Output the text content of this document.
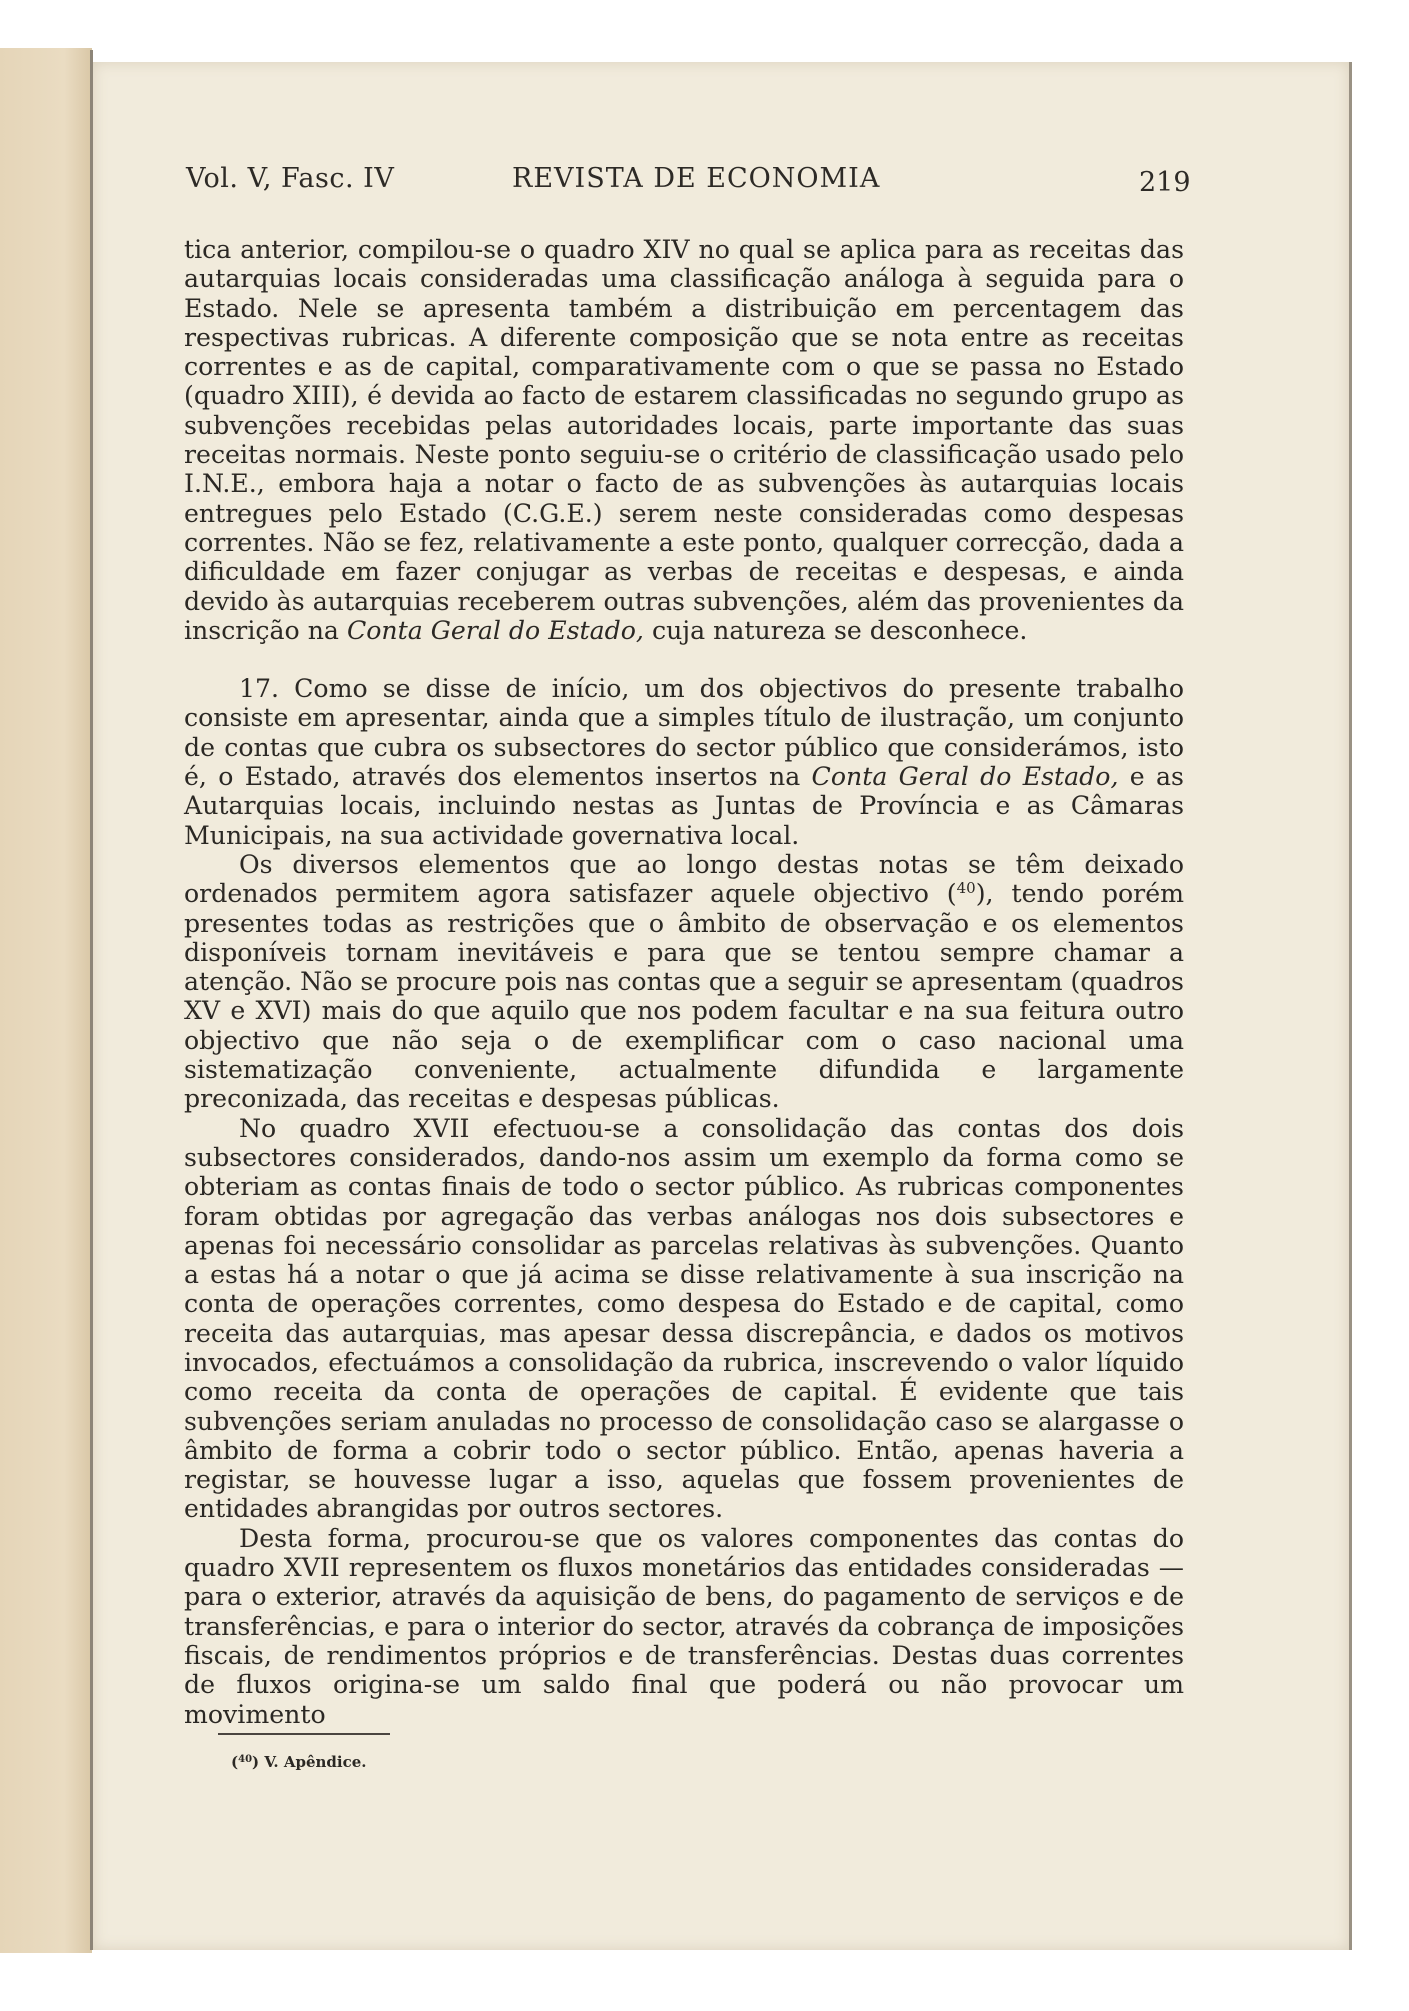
Vol. V, Fasc. IV	REVISTA DE ECONOMIA	219

tica anterior, compilou-se o quadro XIV no qual se aplica para as receitas das autarquias locais consideradas uma classificação análoga à seguida para o Estado. Nele se apresenta também a distribuição em percentagem das respectivas rubricas. A diferente composição que se nota entre as receitas correntes e as de capital, comparativamente com o que se passa no Estado (quadro XIII), é devida ao facto de estarem classificadas no segundo grupo as subvenções recebidas pelas autoridades locais, parte importante das suas receitas normais. Neste ponto seguiu-se o critério de classificação usado pelo I.N.E., embora haja a notar o facto de as subvenções às autarquias locais entregues pelo Estado (C.G.E.) serem neste consideradas como despesas correntes. Não se fez, relativamente a este ponto, qualquer correcção, dada a dificuldade em fazer conjugar as verbas de receitas e despesas, e ainda devido às autarquias receberem outras subvenções, além das provenientes da inscrição na Conta Geral do Estado, cuja natureza se desconhece.

17. Como se disse de início, um dos objectivos do presente trabalho consiste em apresentar, ainda que a simples título de ilustração, um conjunto de contas que cubra os subsectores do sector público que considerámos, isto é, o Estado, através dos elementos insertos na Conta Geral do Estado, e as Autarquias locais, incluindo nestas as Juntas de Província e as Câmaras Municipais, na sua actividade governativa local.

Os diversos elementos que ao longo destas notas se têm deixado ordenados permitem agora satisfazer aquele objectivo ($^{40}$), tendo porém presentes todas as restrições que o âmbito de observação e os elementos disponíveis tornam inevitáveis e para que se tentou sempre chamar a atenção. Não se procure pois nas contas que a seguir se apresentam (quadros XV e XVI) mais do que aquilo que nos podem facultar e na sua feitura outro objectivo que não seja o de exemplificar com o caso nacional uma sistematização conveniente, actualmente difundida e largamente preconizada, das receitas e despesas públicas.

No quadro XVII efectuou-se a consolidação das contas dos dois subsectores considerados, dando-nos assim um exemplo da forma como se obteriam as contas finais de todo o sector público. As rubricas componentes foram obtidas por agregação das verbas análogas nos dois subsectores e apenas foi necessário consolidar as parcelas relativas às subvenções. Quanto a estas há a notar o que já acima se disse relativamente à sua inscrição na conta de operações correntes, como despesa do Estado e de capital, como receita das autarquias, mas apesar dessa discrepância, e dados os motivos invocados, efectuámos a consolidação da rubrica, inscrevendo o valor líquido como receita da conta de operações de capital. É evidente que tais subvenções seriam anuladas no processo de consolidação caso se alargasse o âmbito de forma a cobrir todo o sector público. Então, apenas haveria a registar, se houvesse lugar a isso, aquelas que fossem provenientes de entidades abrangidas por outros sectores.

Desta forma, procurou-se que os valores componentes das contas do quadro XVII representem os fluxos monetários das entidades consideradas — para o exterior, através da aquisição de bens, do pagamento de serviços e de transferências, e para o interior do sector, através da cobrança de imposições fiscais, de rendimentos próprios e de transferências. Destas duas correntes de fluxos origina-se um saldo final que poderá ou não provocar um movimento

($^{40}$) V. Apêndice.
